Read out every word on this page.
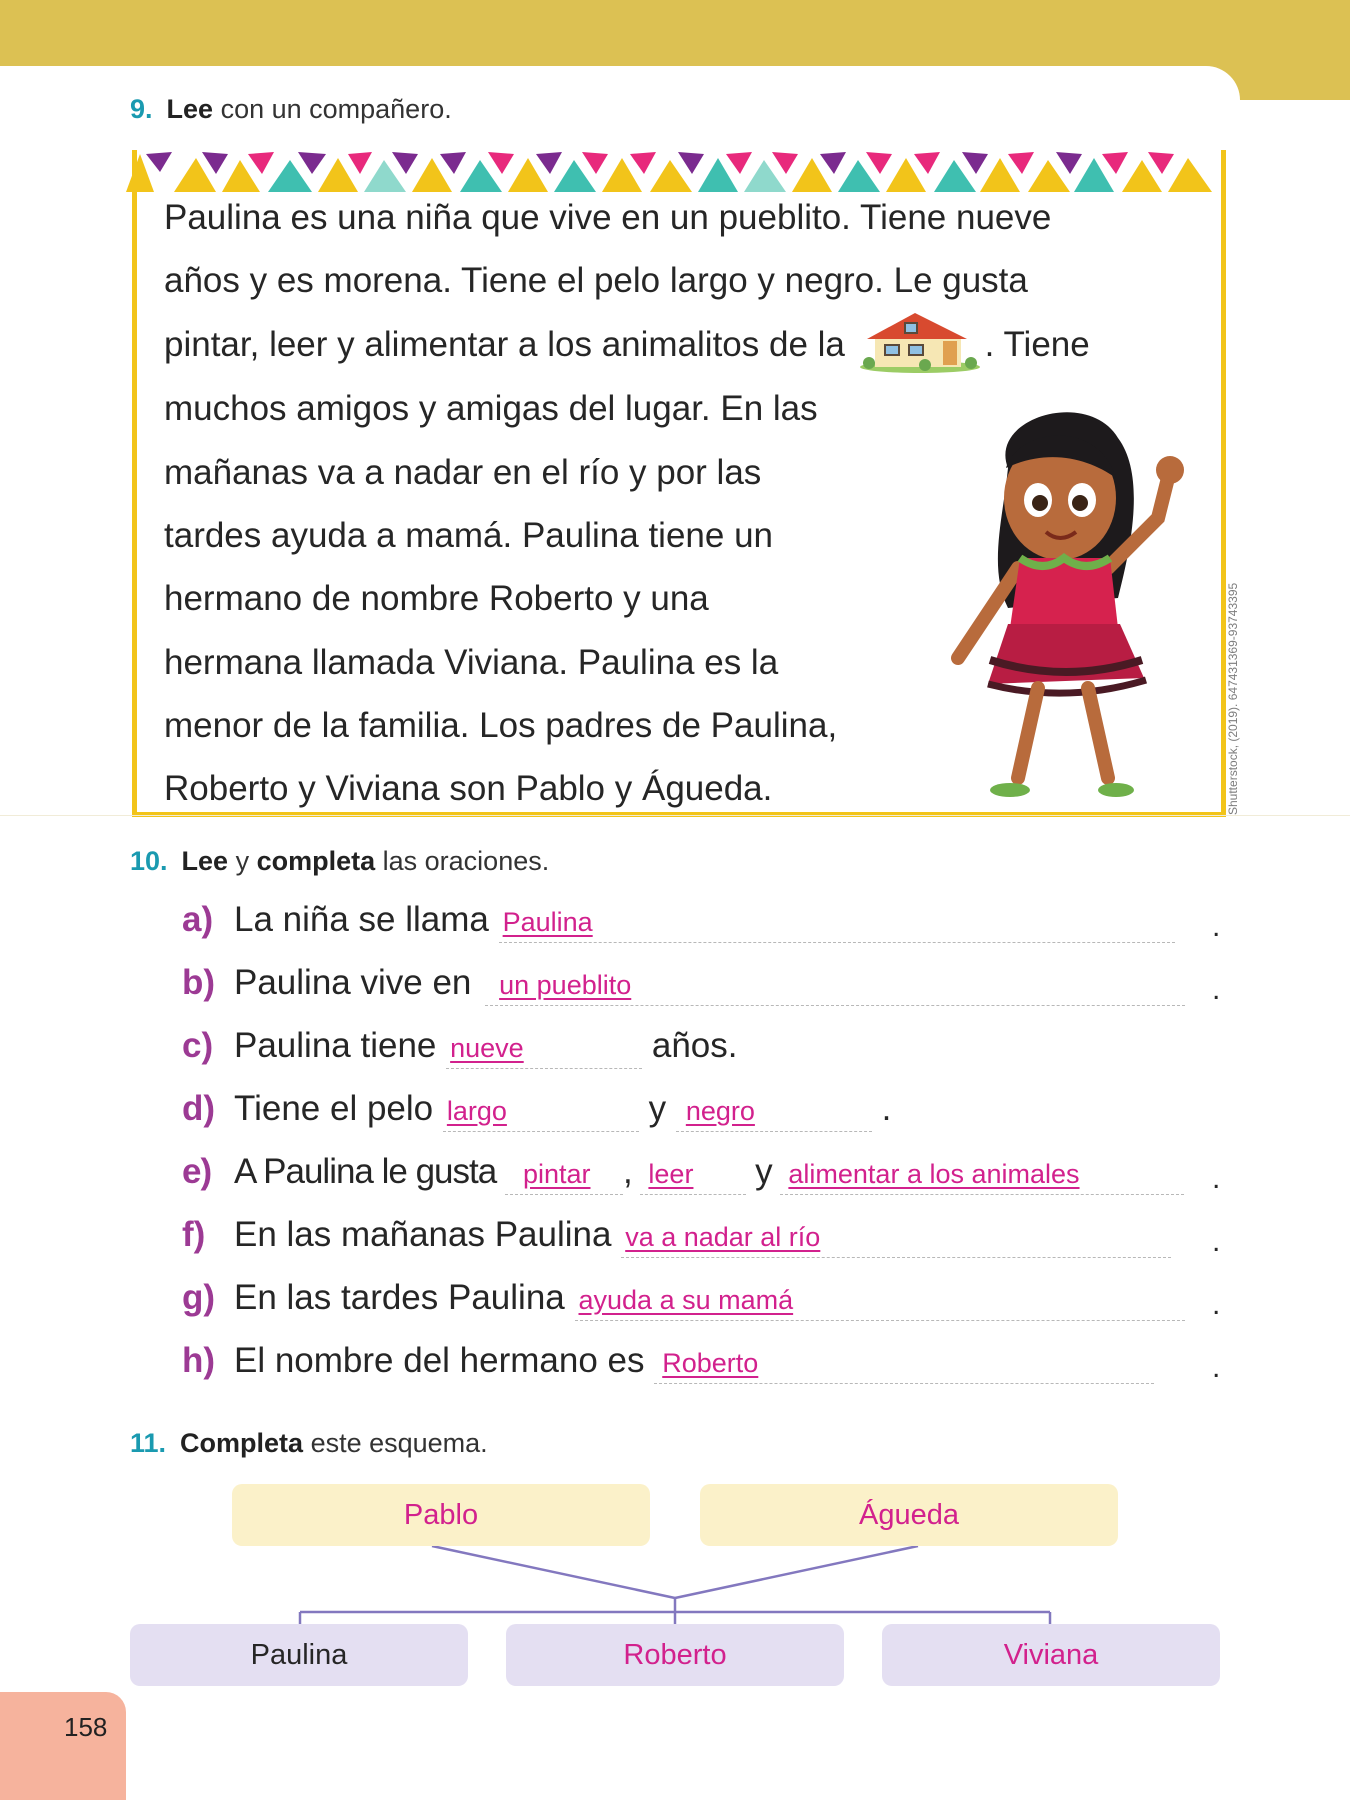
9. Lee con un compañero.
Paulina es una niña que vive en un pueblito. Tiene nueve
años y es morena. Tiene el pelo largo y negro. Le gusta
pintar, leer y alimentar a los animalitos de la	. Tiene
muchos amigos y amigas del lugar. En las
mañanas va a nadar en el río y por las
tardes ayuda a mamá. Paulina tiene un
hermano de nombre Roberto y una
hermana llamada Viviana. Paulina es la
menor de la familia. Los padres de Paulina,
Roberto y Viviana son Pablo y Águeda.	Shutterstock, (2019). 647431369-93743395
10. Lee y completa las oraciones.
a) La niña se llama Paulina	.
b) Paulina vive en un pueblito	.
c) Paulina tiene nueve	años.
d) Tiene el pelo largo	y negro	.
e) A Paulina le gusta pintar , leer y alimentar a los animales	.
f) En las mañanas Paulina va a nadar al río	.
g) En las tardes Paulina ayuda a su mamá	.
h) El nombre del hermano es Roberto	.
11. Completa este esquema.
Pablo	Águeda
Paulina	Roberto	Viviana
158
